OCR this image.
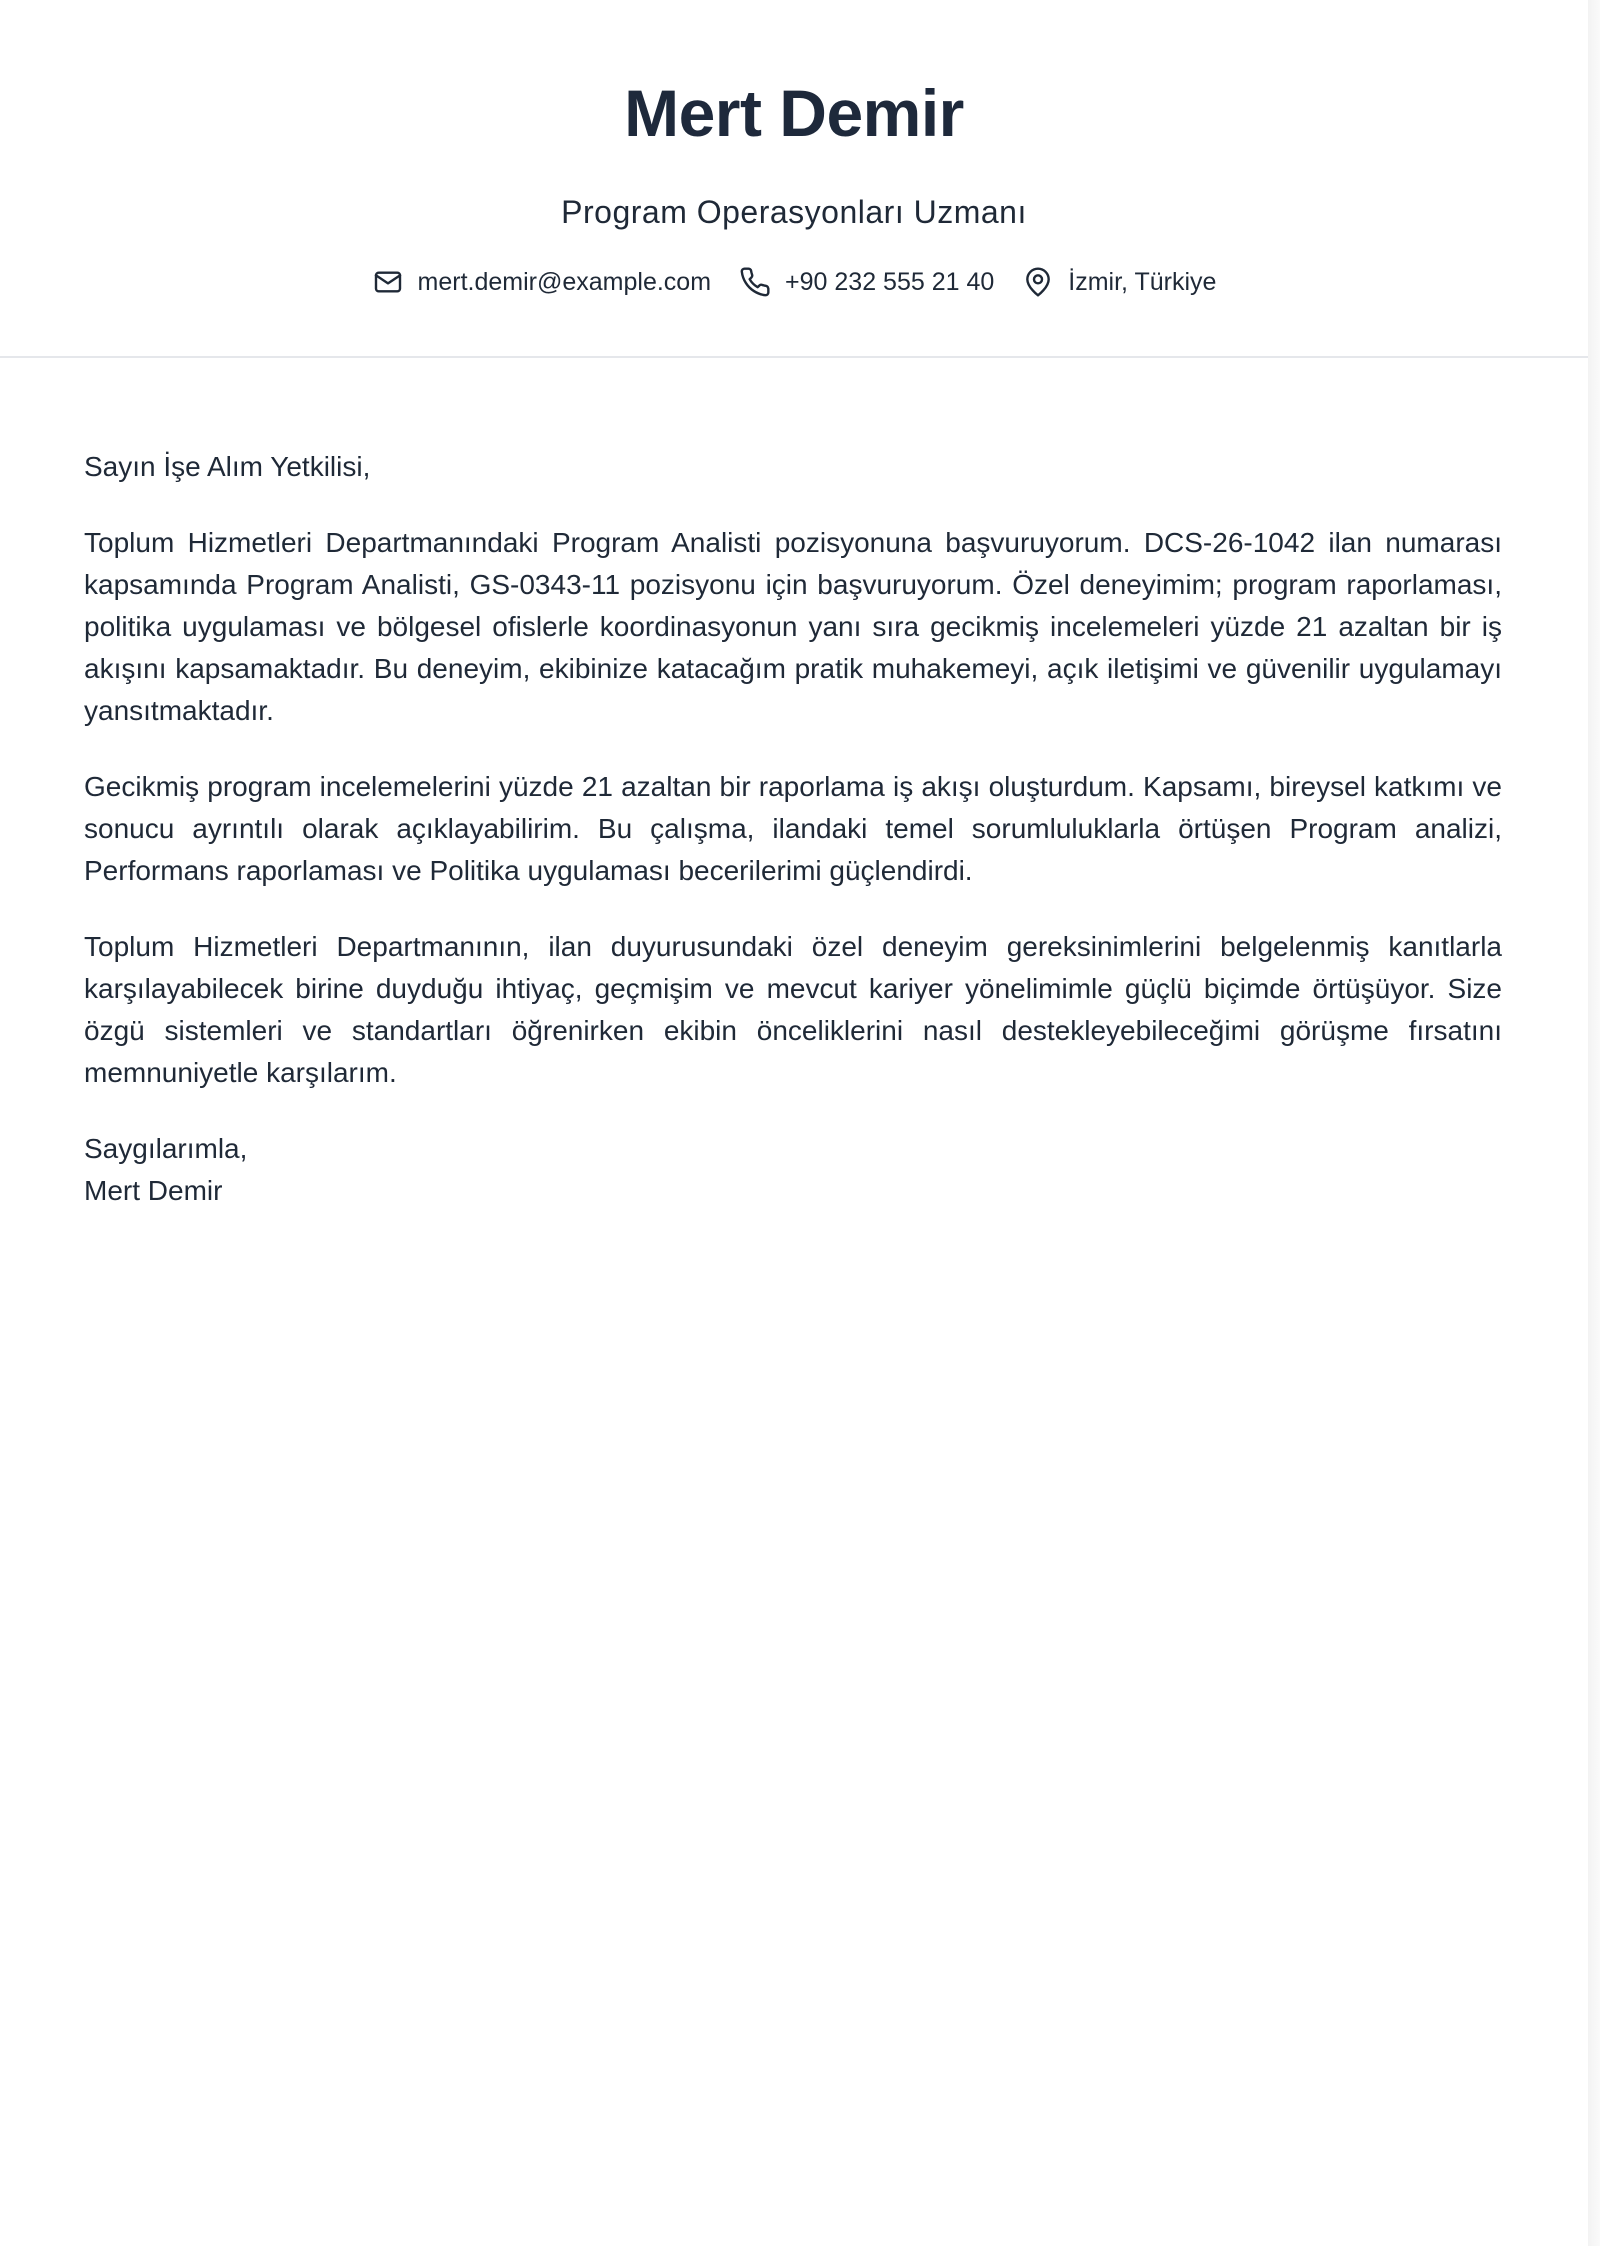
Mert Demir
Program Operasyonları Uzmanı
mert.demir@example.com	+90 232 555 21 40	İzmir, Türkiye

Sayın İşe Alım Yetkilisi,

Toplum Hizmetleri Departmanındaki Program Analisti pozisyonuna başvuruyorum. DCS-26-1042 ilan numarası kapsamında Program Analisti, GS-0343-11 pozisyonu için başvuruyorum. Özel deneyimim; program raporlaması, politika uygulaması ve bölgesel ofislerle koordinasyonun yanı sıra gecikmiş incelemeleri yüzde 21 azaltan bir iş akışını kapsamaktadır. Bu deneyim, ekibinize katacağım pratik muhakemeyi, açık iletişimi ve güvenilir uygulamayı yansıtmaktadır.

Gecikmiş program incelemelerini yüzde 21 azaltan bir raporlama iş akışı oluşturdum. Kapsamı, bireysel katkımı ve sonucu ayrıntılı olarak açıklayabilirim. Bu çalışma, ilandaki temel sorumluluklarla örtüşen Program analizi, Performans raporlaması ve Politika uygulaması becerilerimi güçlendirdi.

Toplum Hizmetleri Departmanının, ilan duyurusundaki özel deneyim gereksinimlerini belgelenmiş kanıtlarla karşılayabilecek birine duyduğu ihtiyaç, geçmişim ve mevcut kariyer yönelimimle güçlü biçimde örtüşüyor. Size özgü sistemleri ve standartları öğrenirken ekibin önceliklerini nasıl destekleyebileceğimi görüşme fırsatını memnuniyetle karşılarım.

Saygılarımla,
Mert Demir
